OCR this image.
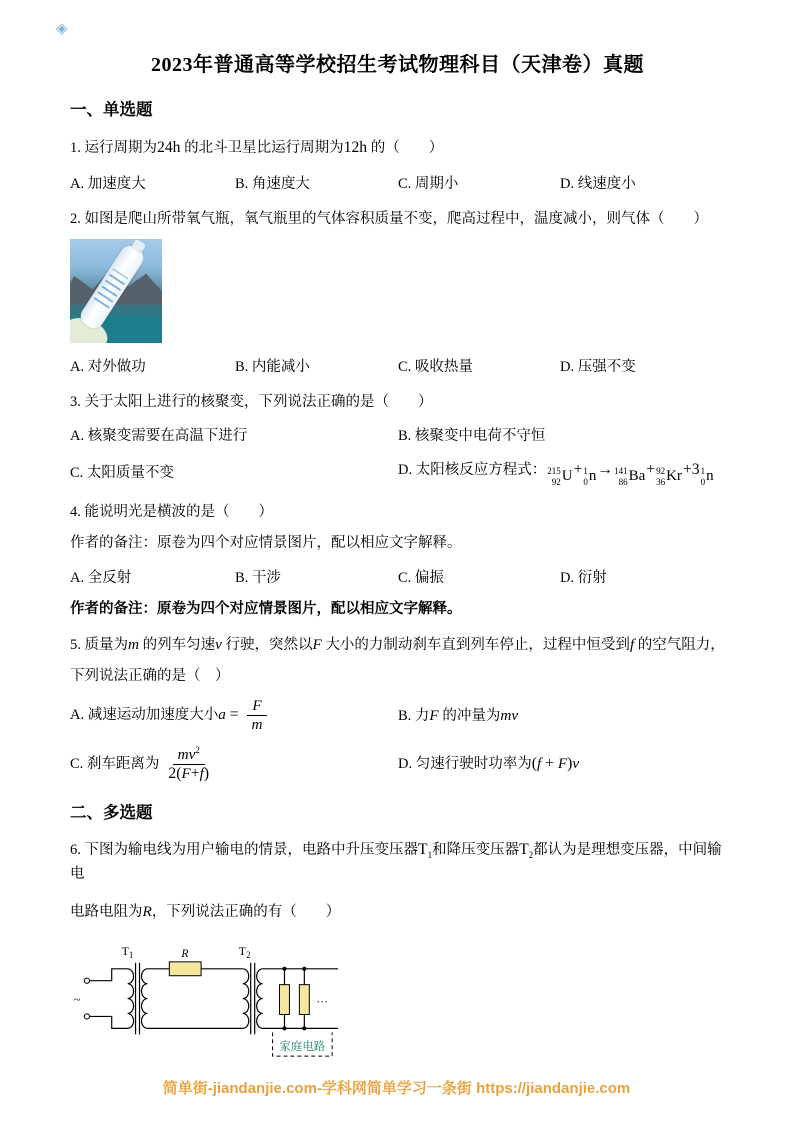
◈
2023年普通高等学校招生考试物理科目（天津卷）真题
一、单选题

1. 运行周期为24h 的北斗卫星比运行周期为12h 的（　　）

A. 加速度大	B. 角速度大	C. 周期小	D. 线速度小

2. 如图是爬山所带氧气瓶，氧气瓶里的气体容积质量不变，爬高过程中，温度减小，则气体（　　）

A. 对外做功	B. 内能减小	C. 吸收热量	D. 压强不变

3. 关于太阳上进行的核聚变，下列说法正确的是（　　）

A. 核聚变需要在高温下进行	B. 核聚变中电荷不守恒
C. 太阳质量不变	D. 太阳核反应方程式： 215
92 U + 1
0 n → 141
86 Ba + 92
36 Kr +3 1
0 n

4. 能说明光是横波的是（　　）

作者的备注：原卷为四个对应情景图片，配以相应文字解释。

A. 全反射	B. 干涉	C. 偏振	D. 衍射

作者的备注：原卷为四个对应情景图片，配以相应文字解释。

5. 质量为m 的列车匀速v 行驶，突然以F 大小的力制动刹车直到列车停止，过程中恒受到f 的空气阻力，

下列说法正确的是（　）

A. 减速运动加速度大小$a = \frac{F}{m}$	B. 力F 的冲量为mv
C. 刹车距离为 $\frac{mv^2}{2(F+f)}$	D. 匀速行驶时功率为(f + F)v
二、多选题

6. 下图为输电线为用户输电的情景，电路中升压变压器$T_1$和降压变压器$T_2$都认为是理想变压器，中间输电

电路电阻为R，下列说法正确的有（　　）

~
$T_1$	$T_2$
R
…
家庭电路
简单街-jiandanjie.com-学科网简单学习一条街 https://jiandanjie.com
